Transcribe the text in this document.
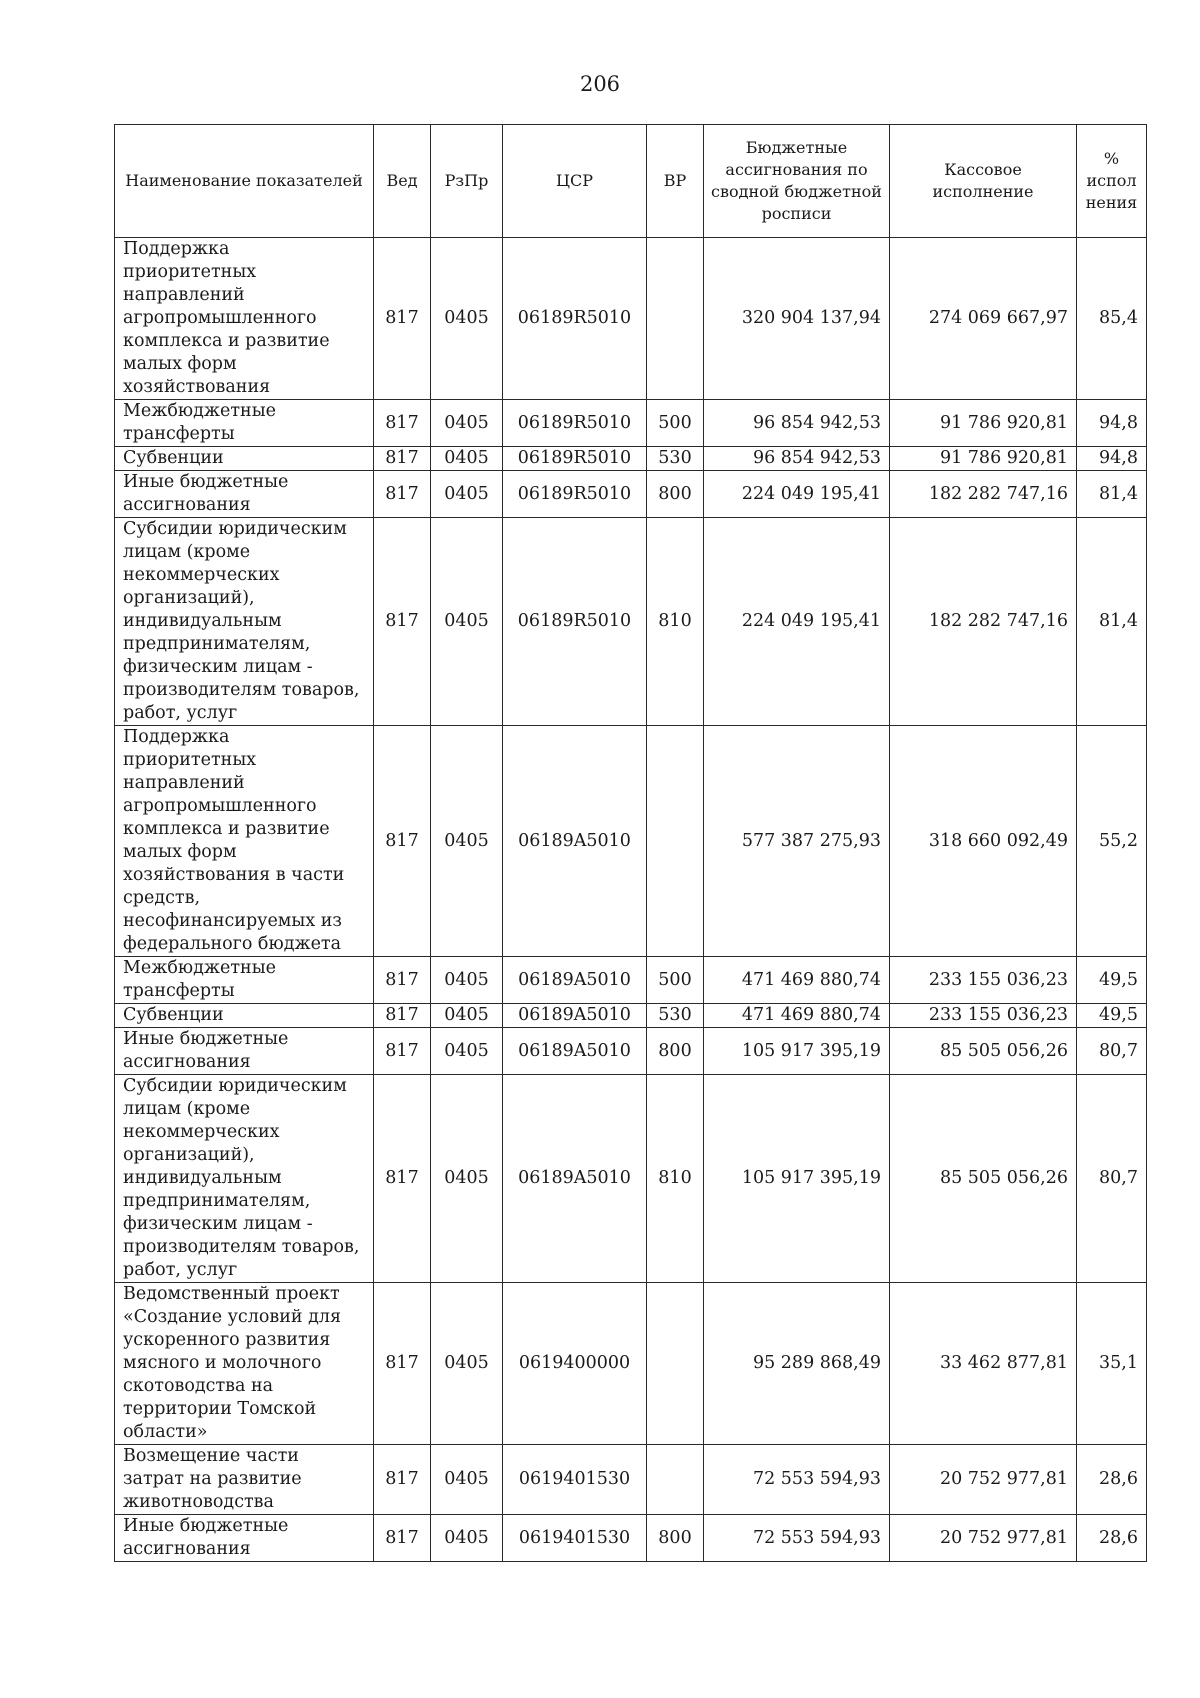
206
Наименование показателей	Вед	РзПр	ЦСР	ВР	Бюджетные ассигнования по сводной бюджетной росписи	Кассовое исполнение	% испол нения
Поддержка приоритетных направлений агропромышленного комплекса и развитие малых форм хозяйствования	817	0405	06189R5010		320 904 137,94	274 069 667,97	85,4
Межбюджетные трансферты	817	0405	06189R5010	500	96 854 942,53	91 786 920,81	94,8
Субвенции	817	0405	06189R5010	530	96 854 942,53	91 786 920,81	94,8
Иные бюджетные ассигнования	817	0405	06189R5010	800	224 049 195,41	182 282 747,16	81,4
Субсидии юридическим лицам (кроме некоммерческих организаций), индивидуальным предпринимателям, физическим лицам - производителям товаров, работ, услуг	817	0405	06189R5010	810	224 049 195,41	182 282 747,16	81,4
Поддержка приоритетных направлений агропромышленного комплекса и развитие малых форм хозяйствования в части средств, несофинансируемых из федерального бюджета	817	0405	06189A5010		577 387 275,93	318 660 092,49	55,2
Межбюджетные трансферты	817	0405	06189A5010	500	471 469 880,74	233 155 036,23	49,5
Субвенции	817	0405	06189A5010	530	471 469 880,74	233 155 036,23	49,5
Иные бюджетные ассигнования	817	0405	06189A5010	800	105 917 395,19	85 505 056,26	80,7
Субсидии юридическим лицам (кроме некоммерческих организаций), индивидуальным предпринимателям, физическим лицам - производителям товаров, работ, услуг	817	0405	06189A5010	810	105 917 395,19	85 505 056,26	80,7
Ведомственный проект «Создание условий для ускоренного развития мясного и молочного скотоводства на территории Томской области»	817	0405	0619400000		95 289 868,49	33 462 877,81	35,1
Возмещение части затрат на развитие животноводства	817	0405	0619401530		72 553 594,93	20 752 977,81	28,6
Иные бюджетные ассигнования	817	0405	0619401530	800	72 553 594,93	20 752 977,81	28,6
